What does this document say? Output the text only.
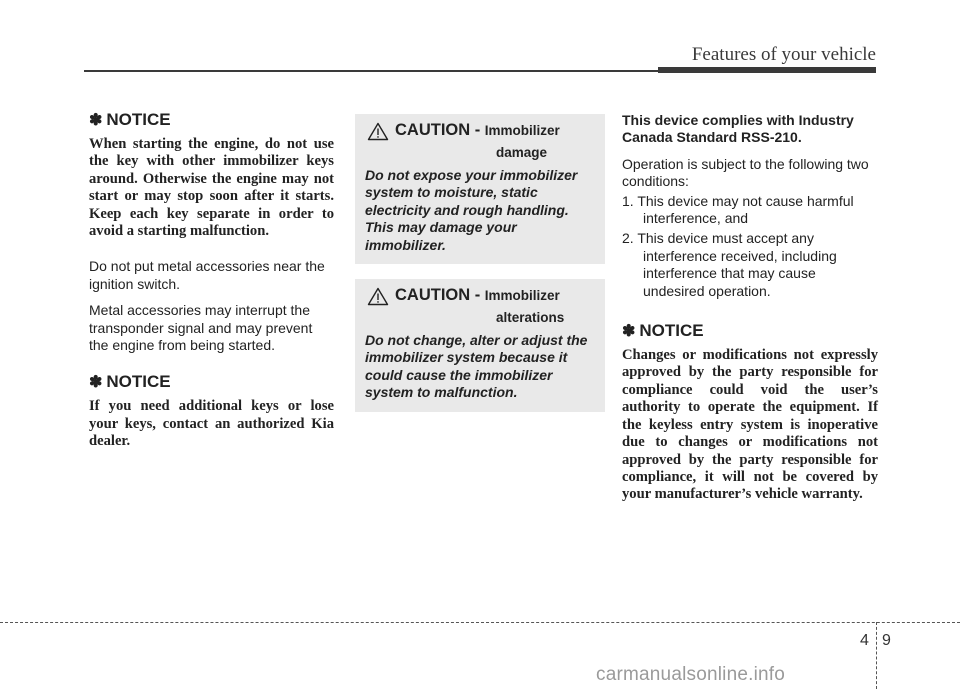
Features of your vehicle
✽ NOTICE

When starting the engine, do not use the key with other immobilizer keys around. Otherwise the engine may not start or may stop soon after it starts. Keep each key separate in order to avoid a starting malfunction.

Do not put metal accessories near the ignition switch.

Metal accessories may interrupt the transponder signal and may prevent the engine from being started.

✽ NOTICE

If you need additional keys or lose your keys, contact an authorized Kia dealer.

CAUTION - Immobilizer
damage

Do not expose your immobilizer system to moisture, static electricity and rough handling. This may damage your immobilizer.

CAUTION - Immobilizer
alterations

Do not change, alter or adjust the immobilizer system because it could cause the immobilizer system to malfunction.

This device complies with Industry Canada Standard RSS-210.

Operation is subject to the following two conditions:

1. This device may not cause harmful interference, and
2. This device must accept any interference received, including interference that may cause undesired operation.
✽ NOTICE

Changes or modifications not expressly approved by the party responsible for compliance could void the user’s authority to operate the equipment. If the keyless entry system is inoperative due to changes or modifications not approved by the party responsible for compliance, it will not be covered by your manufacturer’s vehicle warranty.

4 9
carmanualsonline.info
